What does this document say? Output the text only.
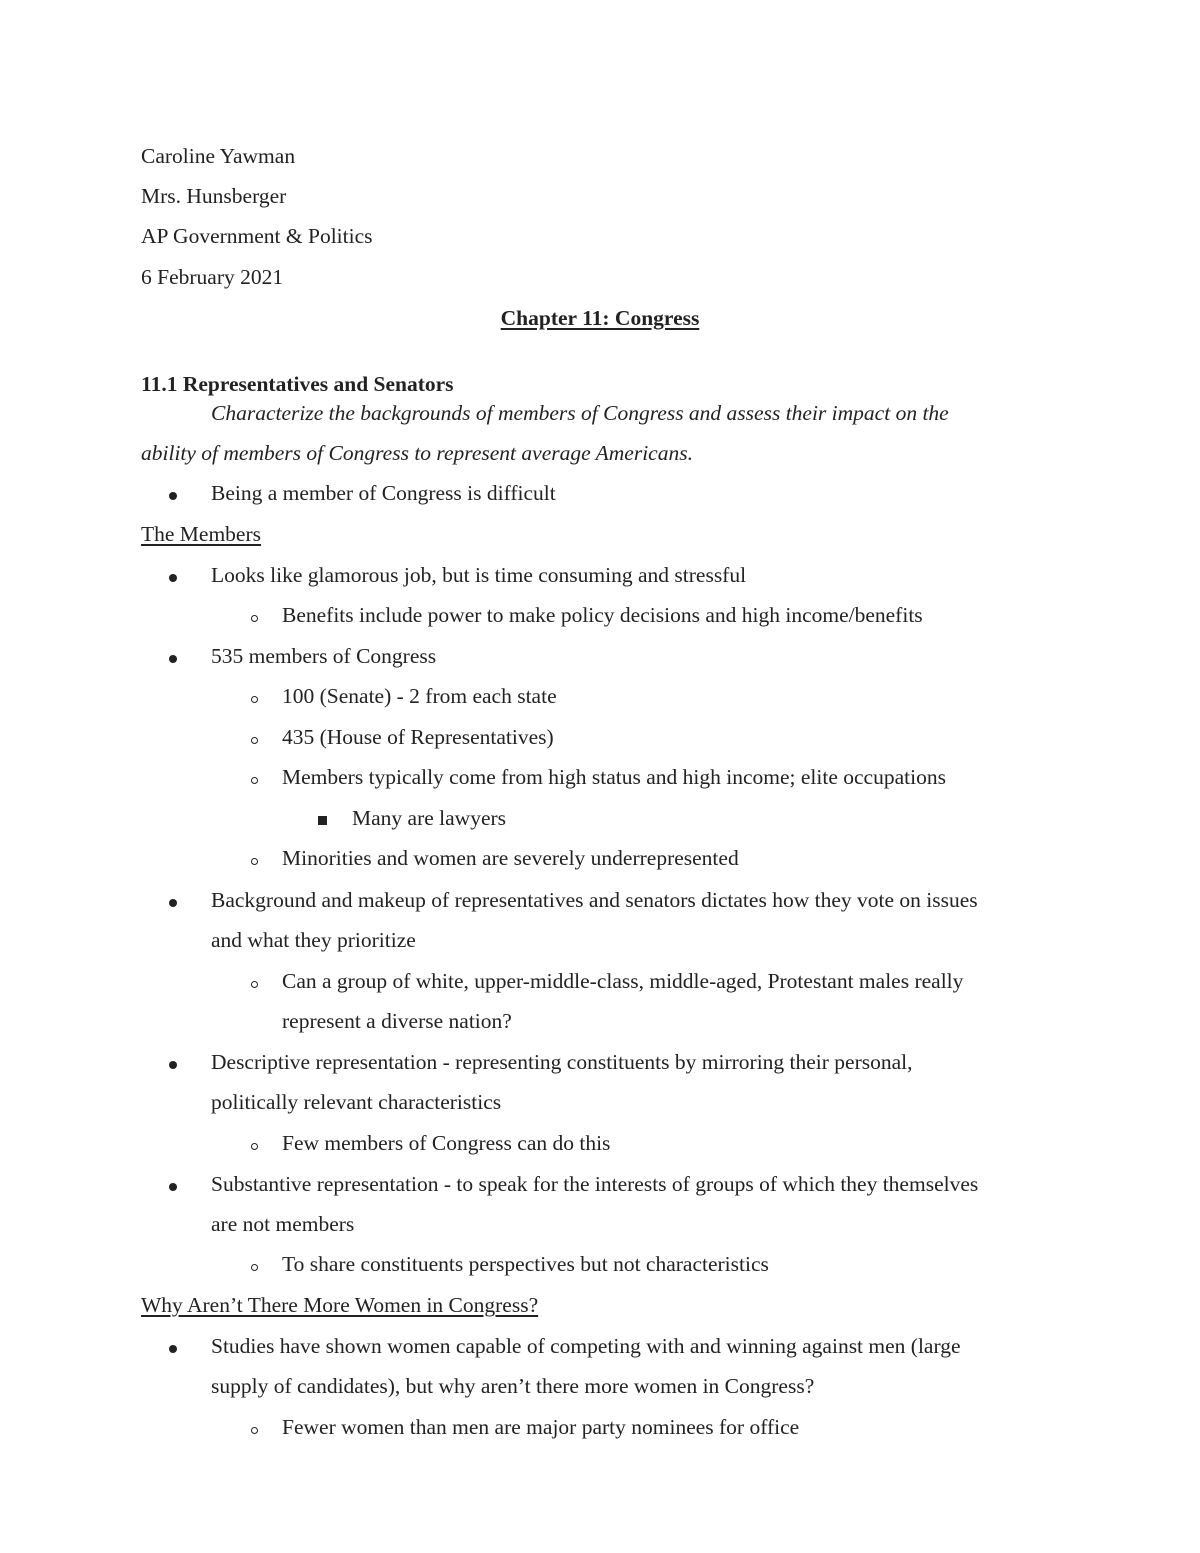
Caroline Yawman

Mrs. Hunsberger

AP Government & Politics

6 February 2021

Chapter 11: Congress

11.1 Representatives and Senators

Characterize the backgrounds of members of Congress and assess their impact on the

ability of members of Congress to represent average Americans.

Being a member of Congress is difficult

The Members

Looks like glamorous job, but is time consuming and stressful

Benefits include power to make policy decisions and high income/benefits

535 members of Congress

100 (Senate) - 2 from each state

435 (House of Representatives)

Members typically come from high status and high income; elite occupations

Many are lawyers

Minorities and women are severely underrepresented

Background and makeup of representatives and senators dictates how they vote on issues

and what they prioritize

Can a group of white, upper-middle-class, middle-aged, Protestant males really

represent a diverse nation?

Descriptive representation - representing constituents by mirroring their personal,

politically relevant characteristics

Few members of Congress can do this

Substantive representation - to speak for the interests of groups of which they themselves

are not members

To share constituents perspectives but not characteristics

Why Aren’t There More Women in Congress?

Studies have shown women capable of competing with and winning against men (large

supply of candidates), but why aren’t there more women in Congress?

Fewer women than men are major party nominees for office
